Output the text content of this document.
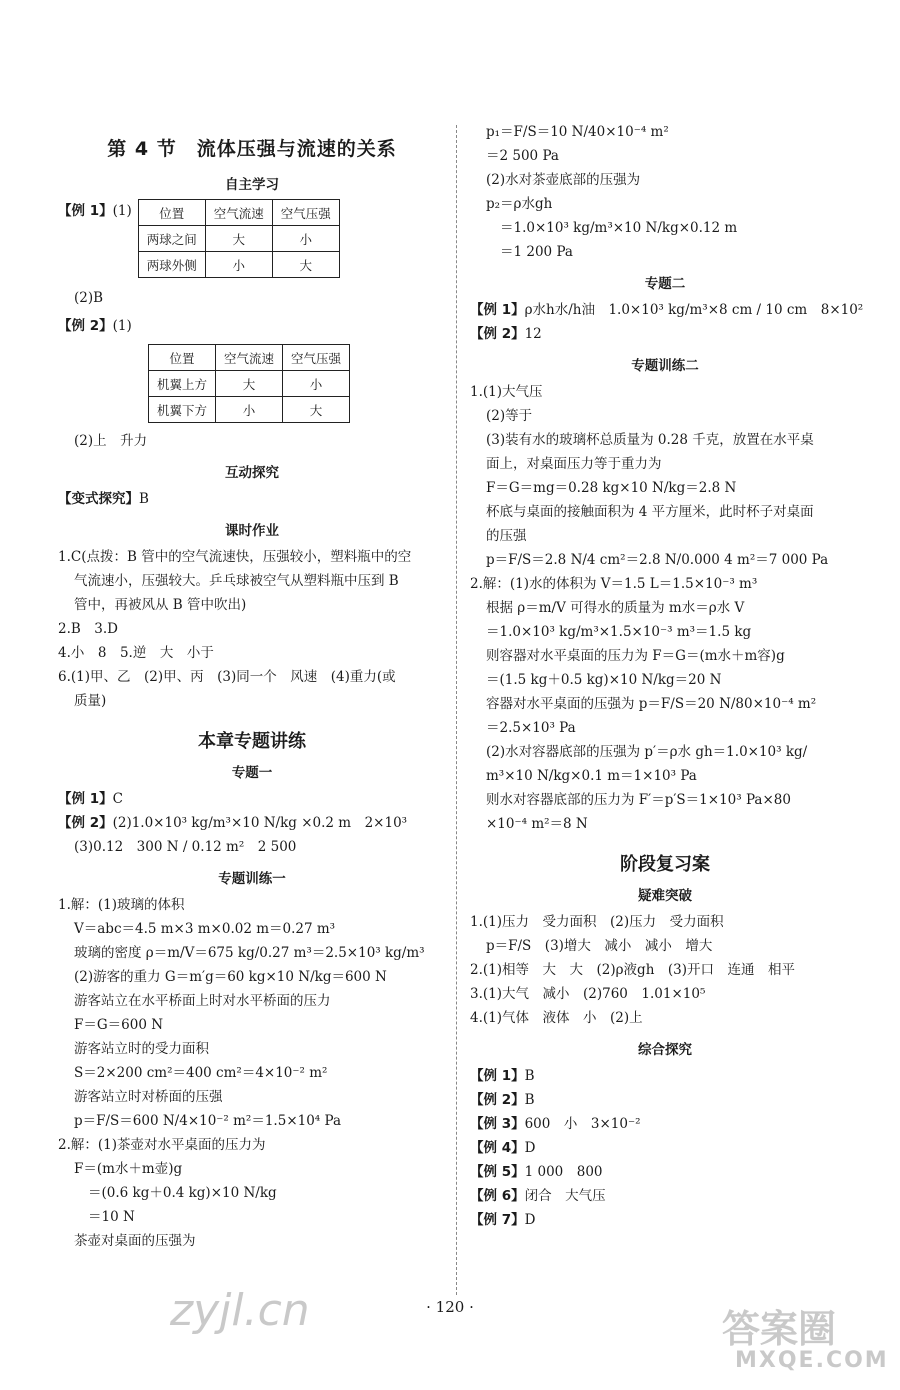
第 4 节　流体压强与流速的关系
自主学习
【例 1】(1) 位置	空气流速	空气压强
两球之间	大	小
两球外侧	小	大
(2)B
【例 2】(1)
位置	空气流速	空气压强
机翼上方	大	小
机翼下方	小	大
(2)上　升力
互动探究
【变式探究】B
课时作业
1.C(点拨：B 管中的空气流速快，压强较小，塑料瓶中的空
气流速小，压强较大。乒乓球被空气从塑料瓶中压到 B
管中，再被风从 B 管中吹出)
2.B　3.D
4.小　8　5.逆　大　小于
6.(1)甲、乙　(2)甲、丙　(3)同一个　风速　(4)重力(或
质量)
本章专题讲练
专题一
【例 1】C
【例 2】(2)1.0×10³ kg/m³×10 N/kg ×0.2 m　2×10³
(3)0.12　300 N / 0.12 m²　2 500
专题训练一
1.解：(1)玻璃的体积
V＝abc＝4.5 m×3 m×0.02 m＝0.27 m³
玻璃的密度 ρ＝m/V＝675 kg/0.27 m³＝2.5×10³ kg/m³
(2)游客的重力 G＝m′g＝60 kg×10 N/kg＝600 N
游客站立在水平桥面上时对水平桥面的压力
F＝G＝600 N
游客站立时的受力面积
S＝2×200 cm²＝400 cm²＝4×10⁻² m²
游客站立时对桥面的压强
p＝F/S＝600 N/4×10⁻² m²＝1.5×10⁴ Pa
2.解：(1)茶壶对水平桌面的压力为
F＝(m水＋m壶)g
＝(0.6 kg＋0.4 kg)×10 N/kg
＝10 N
茶壶对桌面的压强为
p₁＝F/S＝10 N/40×10⁻⁴ m²
＝2 500 Pa
(2)水对茶壶底部的压强为
p₂＝ρ水gh
＝1.0×10³ kg/m³×10 N/kg×0.12 m
＝1 200 Pa
专题二
【例 1】ρ水h水/h油　1.0×10³ kg/m³×8 cm / 10 cm　8×10²
【例 2】12
专题训练二
1.(1)大气压
(2)等于
(3)装有水的玻璃杯总质量为 0.28 千克，放置在水平桌
面上，对桌面压力等于重力为
F＝G＝mg＝0.28 kg×10 N/kg＝2.8 N
杯底与桌面的接触面积为 4 平方厘米，此时杯子对桌面
的压强
p＝F/S＝2.8 N/4 cm²＝2.8 N/0.000 4 m²＝7 000 Pa
2.解：(1)水的体积为 V＝1.5 L＝1.5×10⁻³ m³
根据 ρ＝m/V 可得水的质量为 m水＝ρ水 V
＝1.0×10³ kg/m³×1.5×10⁻³ m³＝1.5 kg
则容器对水平桌面的压力为 F＝G＝(m水＋m容)g
＝(1.5 kg＋0.5 kg)×10 N/kg＝20 N
容器对水平桌面的压强为 p＝F/S＝20 N/80×10⁻⁴ m²
＝2.5×10³ Pa
(2)水对容器底部的压强为 p′＝ρ水 gh＝1.0×10³ kg/
m³×10 N/kg×0.1 m＝1×10³ Pa
则水对容器底部的压力为 F′＝p′S＝1×10³ Pa×80
×10⁻⁴ m²＝8 N
阶段复习案
疑难突破
1.(1)压力　受力面积　(2)压力　受力面积
p＝F/S　(3)增大　减小　减小　增大
2.(1)相等　大　大　(2)ρ液gh　(3)开口　连通　相平
3.(1)大气　减小　(2)760　1.01×10⁵
4.(1)气体　液体　小　(2)上
综合探究
【例 1】B
【例 2】B
【例 3】600　小　3×10⁻²
【例 4】D
【例 5】1 000　800
【例 6】闭合　大气压
【例 7】D
· 120 ·
zyjl.cn	答案圈
MXQE.COM
